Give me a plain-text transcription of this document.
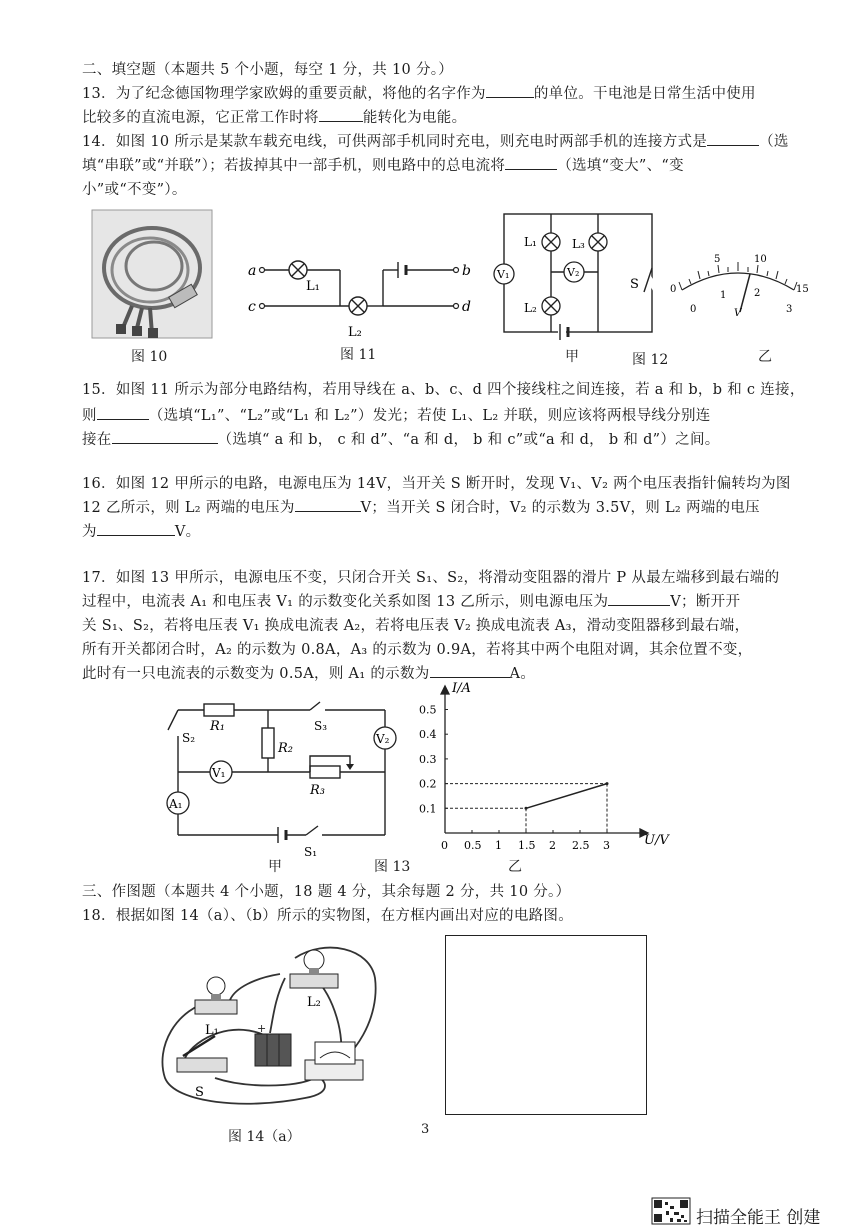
二、填空题（本题共 5 个小题，每空 1 分，共 10 分。）
13．为了纪念德国物理学家欧姆的重要贡献，将他的名字作为	的单位。干电池是日常生活中使用
比较多的直流电源，它正常工作时将	能转化为电能。
14．如图 10 所示是某款车载充电线，可供两部手机同时充电，则充电时两部手机的连接方式是	（选
填“串联”或“并联”）；若拔掉其中一部手机，则电路中的总电流将	（选填“变大”、“变
小”或“不变”）。
图 10
a
c
b
d
L₁
L₂
图 11
V₁	V₂
L₁	L₃
L₂
S
甲	图 12
0
5	10
15
0
1	2
3
V
乙
15．如图 11 所示为部分电路结构，若用导线在 a、b、c、d 四个接线柱之间连接，若 a 和 b，b 和 c 连接，
则	（选填“L₁”、“L₂”或“L₁ 和 L₂”）发光；若使 L₁、L₂ 并联，则应该将两根导线分别连
接在	（选填“ a 和 b， c 和 d”、“a 和 d， b 和 c”或“a 和 d， b 和 d”）之间。
16．如图 12 甲所示的电路，电源电压为 14V，当开关 S 断开时，发现 V₁、V₂ 两个电压表指针偏转均为图
12 乙所示，则 L₂ 两端的电压为	V；当开关 S 闭合时，V₂ 的示数为 3.5V，则 L₂ 两端的电压
为	V。
17．如图 13 甲所示，电源电压不变，只闭合开关 S₁、S₂，将滑动变阻器的滑片 P 从最左端移到最右端的
过程中，电流表 A₁ 和电压表 V₁ 的示数变化关系如图 13 乙所示，则电源电压为	V；断开开
关 S₁、S₂，若将电压表 V₁ 换成电流表 A₂，若将电压表 V₂ 换成电流表 A₃，滑动变阻器移到最右端，
所有开关都闭合时，A₂ 的示数为 0.8A，A₃ 的示数为 0.9A，若将其中两个电阻对调，其余位置不变，
此时有一只电流表的示数变为 0.5A，则 A₁ 的示数为	A。
V₁
V₂
A₁
R₁
R₂
R₃
S₃
S₂
S₁
甲	图 13
0 0.5 1 1.5 2 2.5 3
0.1
0.2
0.3
0.4
0.5
I/A
U/V
乙
三、作图题（本题共 4 个小题，18 题 4 分，其余每题 2 分，共 10 分。）
18．根据如图 14（a）、（b）所示的实物图，在方框内画出对应的电路图。
+
L₁
L₂
S
图 14（a）	3
扫描全能王 创建
